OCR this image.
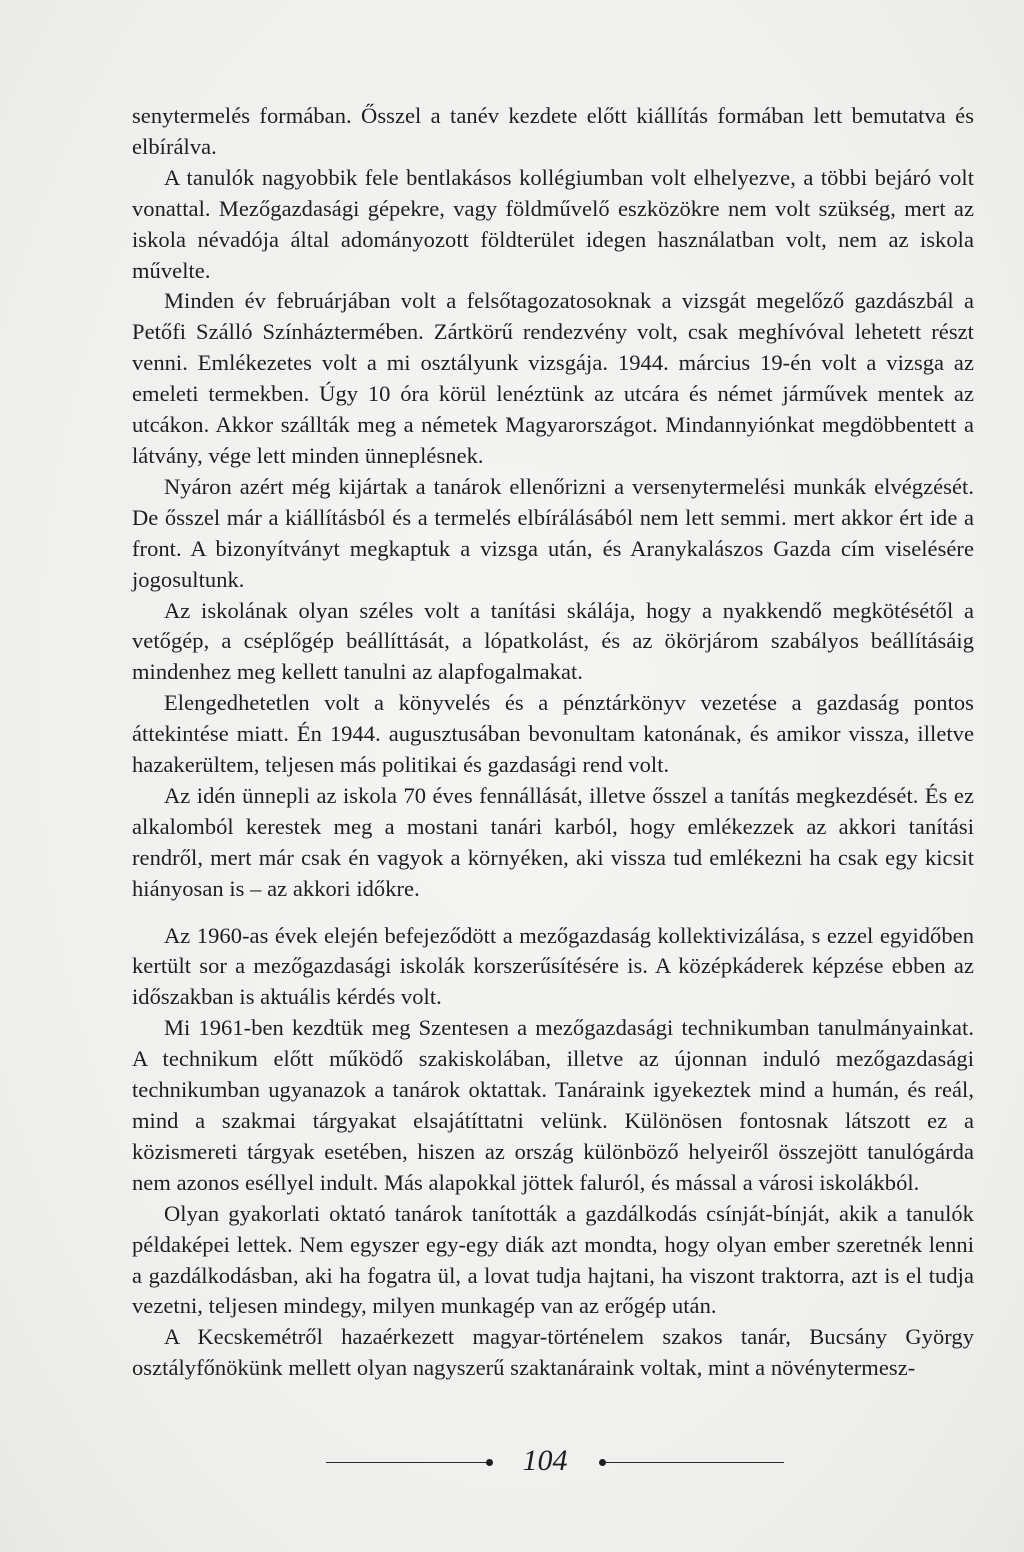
senytermelés formában. Ősszel a tanév kezdete előtt kiállítás formában lett bemutatva és elbírálva.

A tanulók nagyobbik fele bentlakásos kollégiumban volt elhelyezve, a többi bejáró volt vonattal. Mezőgazdasági gépekre, vagy földművelő eszközökre nem volt szükség, mert az iskola névadója által adományozott földterület idegen használatban volt, nem az iskola művelte.

Minden év februárjában volt a felsőtagozatosoknak a vizsgát megelőző gazdászbál a Petőfi Szálló Színháztermében. Zártkörű rendezvény volt, csak meghívóval lehetett részt venni. Emlékezetes volt a mi osztályunk vizsgája. 1944. március 19-én volt a vizsga az emeleti termekben. Úgy 10 óra körül lenéztünk az utcára és német járművek mentek az utcákon. Akkor szállták meg a németek Magyarországot. Mindannyiónkat megdöbbentett a látvány, vége lett minden ünneplésnek.

Nyáron azért még kijártak a tanárok ellenőrizni a versenytermelési munkák elvégzését. De ősszel már a kiállításból és a termelés elbírálásából nem lett semmi. mert akkor ért ide a front. A bizonyítványt megkaptuk a vizsga után, és Aranykalászos Gazda cím viselésére jogosultunk.

Az iskolának olyan széles volt a tanítási skálája, hogy a nyakkendő megkötésétől a vetőgép, a cséplőgép beállíttását, a lópatkolást, és az ökörjárom szabályos beállításáig mindenhez meg kellett tanulni az alapfogalmakat.

Elengedhetetlen volt a könyvelés és a pénztárkönyv vezetése a gazdaság pontos áttekintése miatt. Én 1944. augusztusában bevonultam katonának, és amikor vissza, illetve hazakerültem, teljesen más politikai és gazdasági rend volt.

Az idén ünnepli az iskola 70 éves fennállását, illetve ősszel a tanítás megkezdését. És ez alkalomból kerestek meg a mostani tanári karból, hogy emlékezzek az akkori tanítási rendről, mert már csak én vagyok a környéken, aki vissza tud emlékezni ha csak egy kicsit hiányosan is – az akkori időkre.

Az 1960-as évek elején befejeződött a mezőgazdaság kollektivizálása, s ezzel egyidőben kertült sor a mezőgazdasági iskolák korszerűsítésére is. A középkáderek képzése ebben az időszakban is aktuális kérdés volt.

Mi 1961-ben kezdtük meg Szentesen a mezőgazdasági technikumban tanulmányainkat. A technikum előtt működő szakiskolában, illetve az újonnan induló mezőgazdasági technikumban ugyanazok a tanárok oktattak. Tanáraink igyekeztek mind a humán, és reál, mind a szakmai tárgyakat elsajátíttatni velünk. Különösen fontosnak látszott ez a közismereti tárgyak esetében, hiszen az ország különböző helyeiről összejött tanulógárda nem azonos eséllyel indult. Más alapokkal jöttek faluról, és mással a városi iskolákból.

Olyan gyakorlati oktató tanárok tanították a gazdálkodás csínját-bínját, akik a tanulók példaképei lettek. Nem egyszer egy-egy diák azt mondta, hogy olyan ember szeretnék lenni a gazdálkodásban, aki ha fogatra ül, a lovat tudja hajtani, ha viszont traktorra, azt is el tudja vezetni, teljesen mindegy, milyen munkagép van az erőgép után.

A Kecskemétről hazaérkezett magyar-történelem szakos tanár, Bucsány György osztályfőnökünk mellett olyan nagyszerű szaktanáraink voltak, mint a növénytermesz-

104
